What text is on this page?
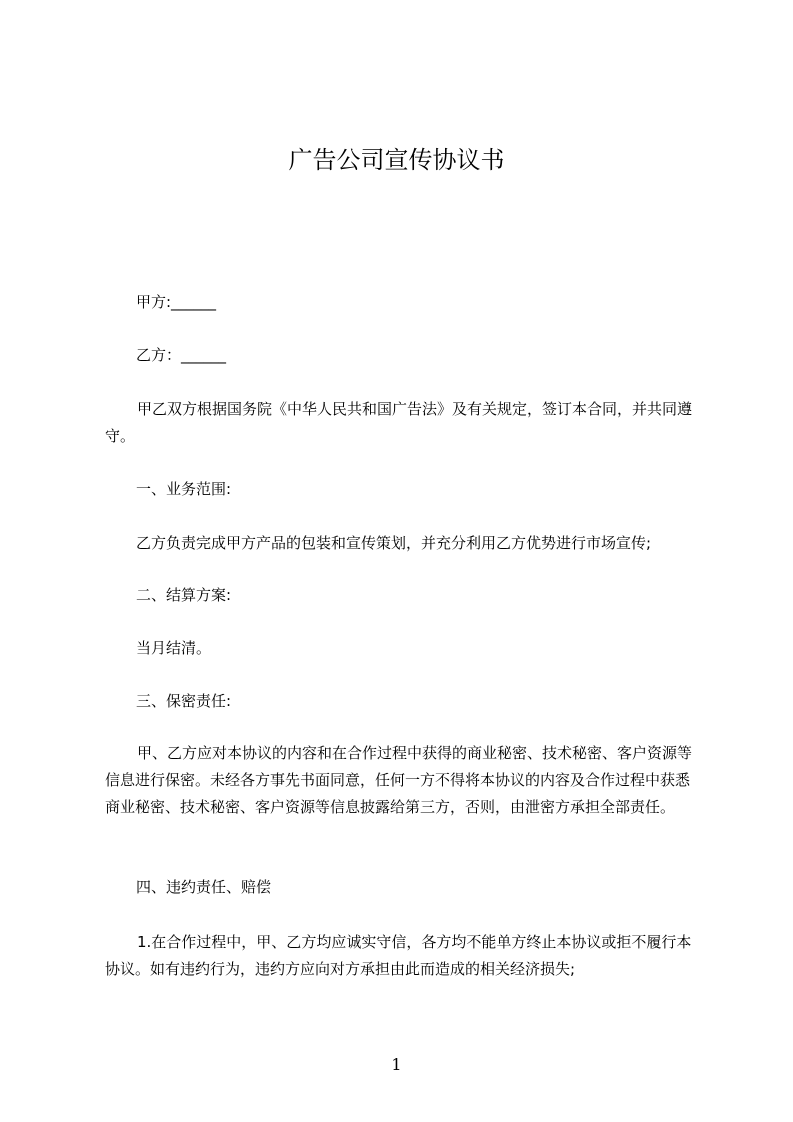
广告公司宣传协议书
甲方:______
乙方：______
甲乙双方根据国务院《中华人民共和国广告法》及有关规定，签订本合同，并共同遵守。
一、业务范围:
乙方负责完成甲方产品的包装和宣传策划，并充分利用乙方优势进行市场宣传;
二、结算方案:
当月结清。
三、保密责任:
甲、乙方应对本协议的内容和在合作过程中获得的商业秘密、技术秘密、客户资源等信息进行保密。未经各方事先书面同意，任何一方不得将本协议的内容及合作过程中获悉商业秘密、技术秘密、客户资源等信息披露给第三方，否则，由泄密方承担全部责任。
四、违约责任、赔偿
1.在合作过程中，甲、乙方均应诚实守信，各方均不能单方终止本协议或拒不履行本协议。如有违约行为，违约方应向对方承担由此而造成的相关经济损失;
1
